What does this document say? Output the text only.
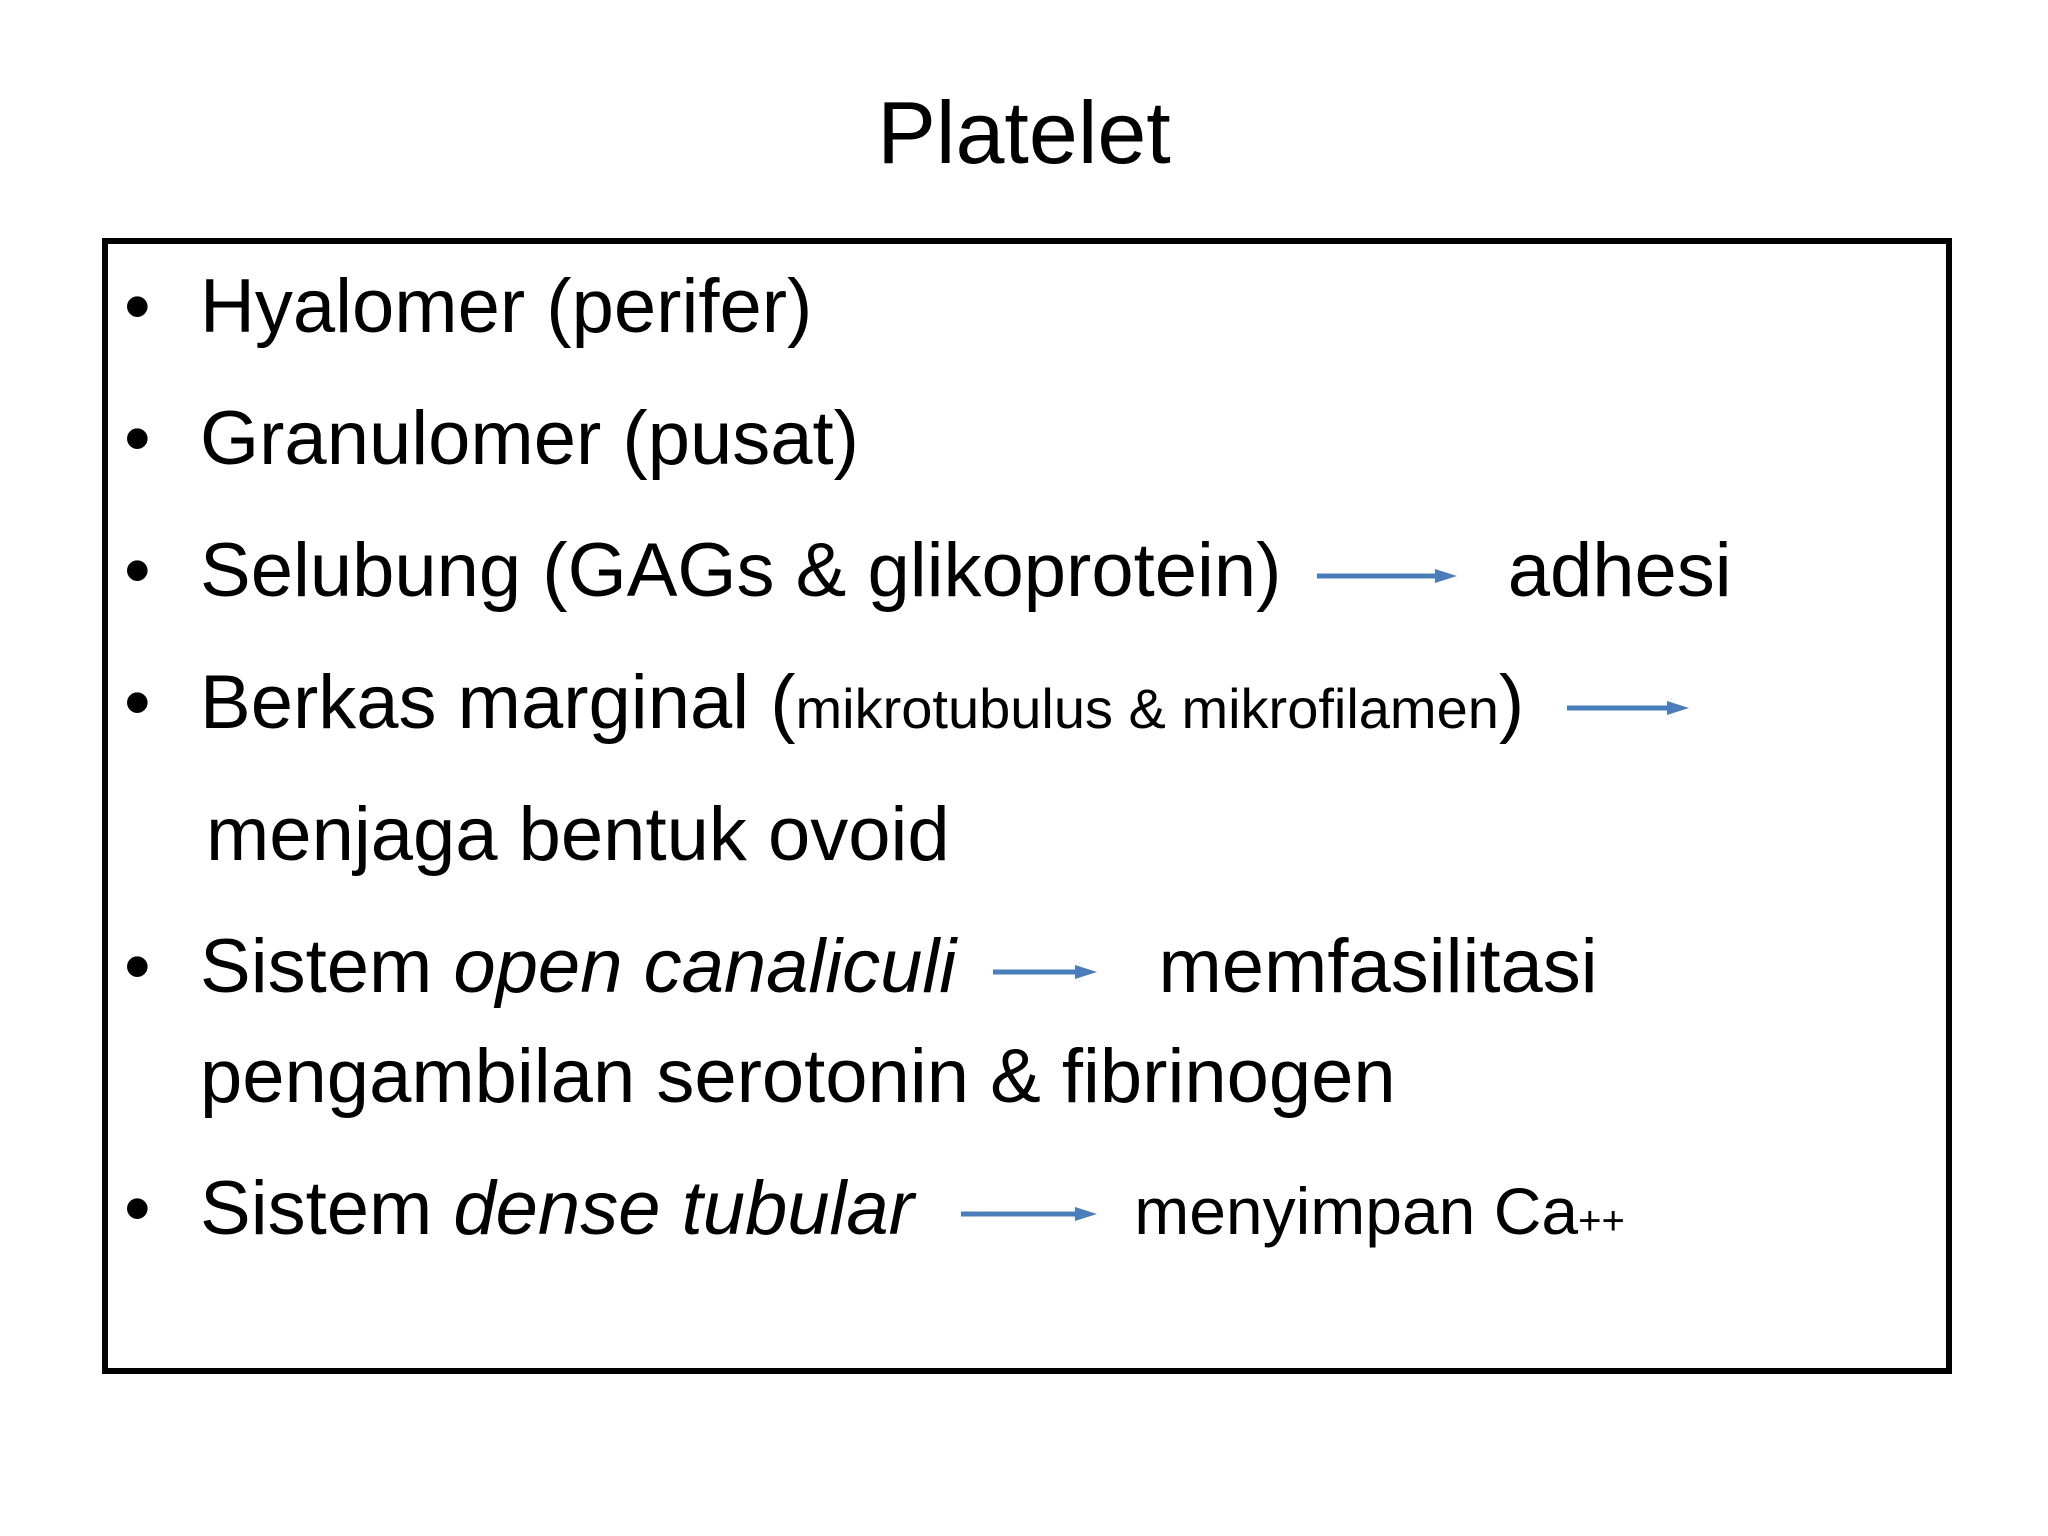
Platelet
• Hyalomer (perifer)
• Granulomer (pusat)
• Selubung (GAGs & glikoprotein)	adhesi
• Berkas marginal (mikrotubulus & mikrofilamen)
menjaga bentuk ovoid
• Sistem open canaliculi	memfasilitasi
pengambilan serotonin & fibrinogen
• Sistem dense tubular	menyimpan Ca++
